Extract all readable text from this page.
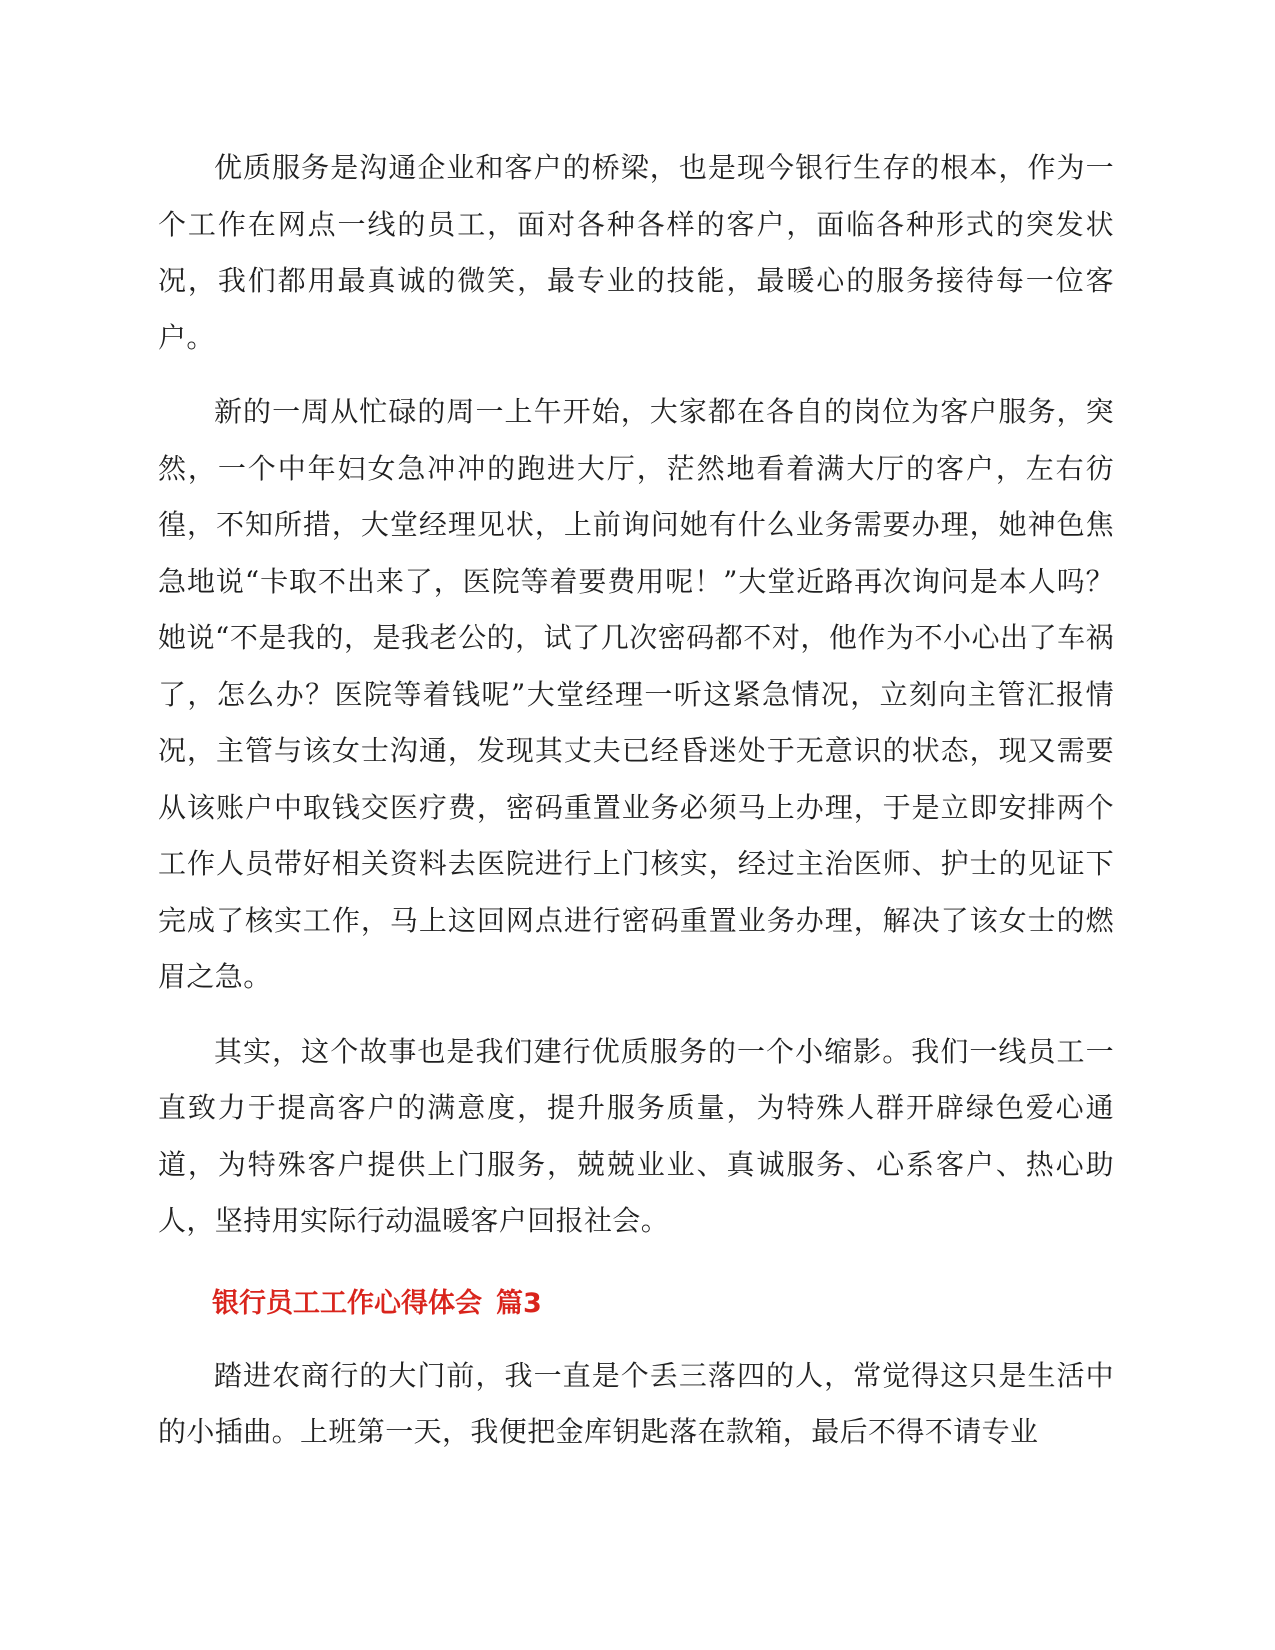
优质服务是沟通企业和客户的桥梁，也是现今银行生存的根本，作为一个工作在网点一线的员工，面对各种各样的客户，面临各种形式的突发状况，我们都用最真诚的微笑，最专业的技能，最暖心的服务接待每一位客户。

新的一周从忙碌的周一上午开始，大家都在各自的岗位为客户服务，突然，一个中年妇女急冲冲的跑进大厅，茫然地看着满大厅的客户，左右彷徨，不知所措，大堂经理见状，上前询问她有什么业务需要办理，她神色焦急地说“卡取不出来了，医院等着要费用呢！”大堂近路再次询问是本人吗？她说“不是我的，是我老公的，试了几次密码都不对，他作为不小心出了车祸了，怎么办？医院等着钱呢”大堂经理一听这紧急情况，立刻向主管汇报情况，主管与该女士沟通，发现其丈夫已经昏迷处于无意识的状态，现又需要从该账户中取钱交医疗费，密码重置业务必须马上办理，于是立即安排两个工作人员带好相关资料去医院进行上门核实，经过主治医师、护士的见证下完成了核实工作，马上这回网点进行密码重置业务办理，解决了该女士的燃眉之急。

其实，这个故事也是我们建行优质服务的一个小缩影。我们一线员工一直致力于提高客户的满意度，提升服务质量，为特殊人群开辟绿色爱心通道，为特殊客户提供上门服务，兢兢业业、真诚服务、心系客户、热心助人，坚持用实际行动温暖客户回报社会。

银行员工工作心得体会 篇3

踏进农商行的大门前，我一直是个丢三落四的人，常觉得这只是生活中的小插曲。上班第一天，我便把金库钥匙落在款箱，最后不得不请专业
